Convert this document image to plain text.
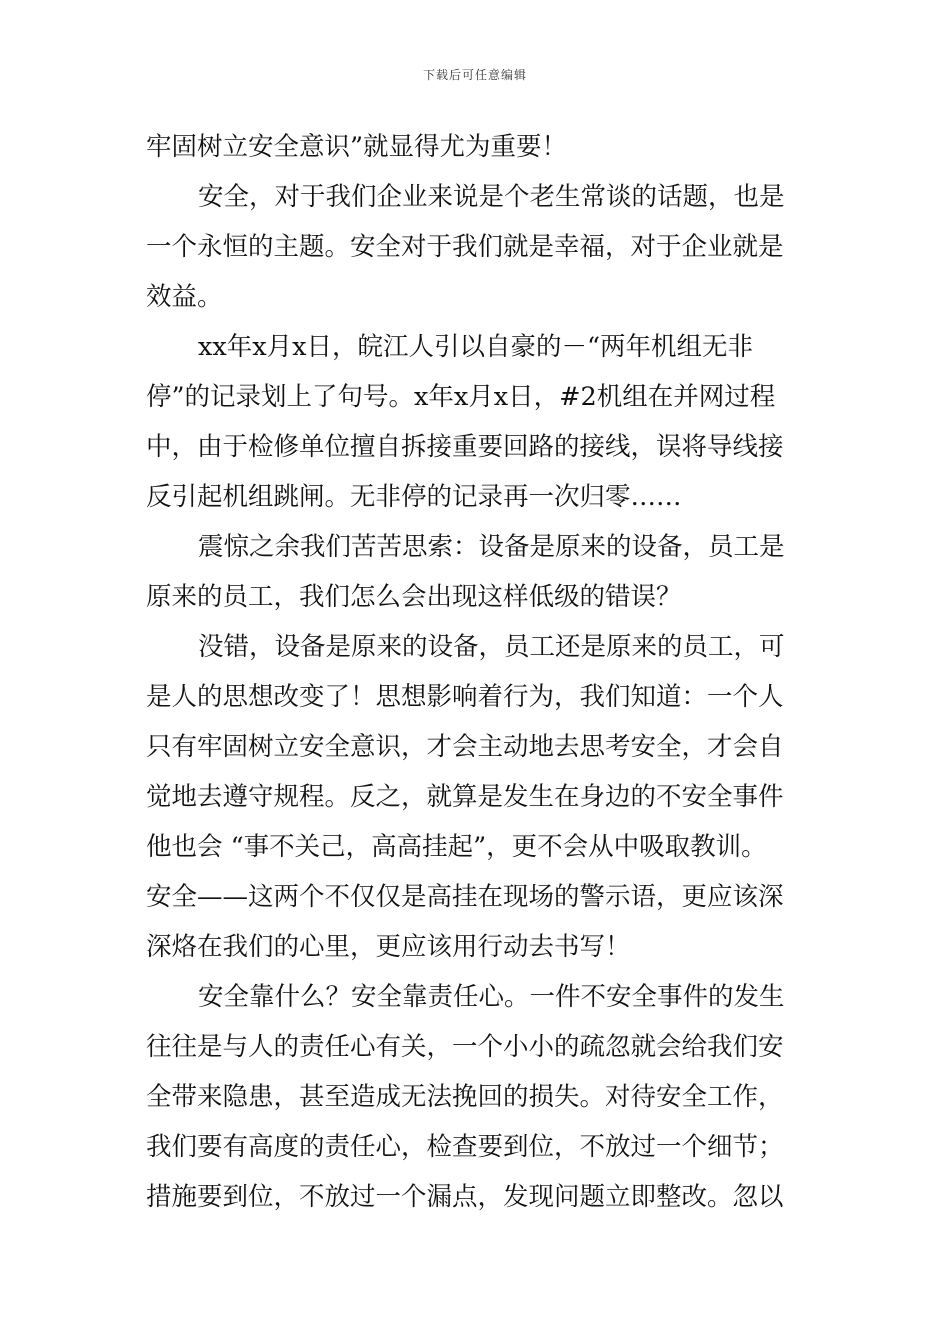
下载后可任意编辑
牢固树立安全意识”就显得尤为重要！
安全，对于我们企业来说是个老生常谈的话题，也是
一个永恒的主题。安全对于我们就是幸福，对于企业就是
效益。
xx年x月x日，皖江人引以自豪的－“两年机组无非
停”的记录划上了句号。x年x月x日，#2机组在并网过程
中，由于检修单位擅自拆接重要回路的接线，误将导线接
反引起机组跳闸。无非停的记录再一次归零……
震惊之余我们苦苦思索：设备是原来的设备，员工是
原来的员工，我们怎么会出现这样低级的错误？
没错，设备是原来的设备，员工还是原来的员工，可
是人的思想改变了！思想影响着行为，我们知道：一个人
只有牢固树立安全意识，才会主动地去思考安全，才会自
觉地去遵守规程。反之，就算是发生在身边的不安全事件
他也会 “事不关己，高高挂起”，更不会从中吸取教训。
安全——这两个不仅仅是高挂在现场的警示语，更应该深
深烙在我们的心里，更应该用行动去书写！
安全靠什么？安全靠责任心。一件不安全事件的发生
往往是与人的责任心有关，一个小小的疏忽就会给我们安
全带来隐患，甚至造成无法挽回的损失。对待安全工作，
我们要有高度的责任心，检查要到位，不放过一个细节；
措施要到位，不放过一个漏点，发现问题立即整改。忽以
